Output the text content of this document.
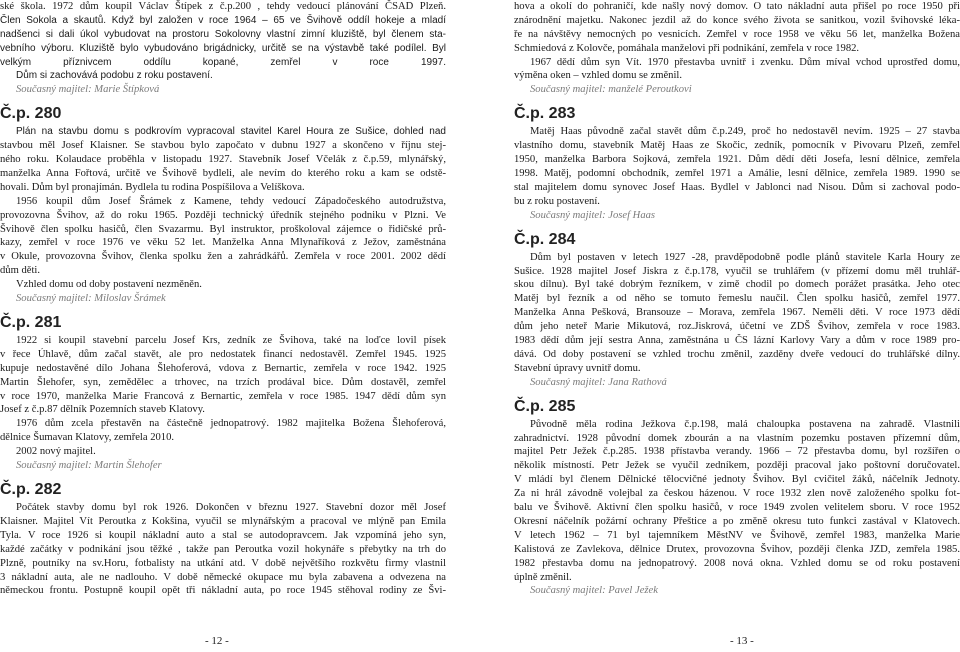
ské škola. 1972 dům koupil Václav Štípek z č.p.200 , tehdy vedoucí plánování ČSAD Plzeň.
Člen Sokola a skautů. Když byl založen v roce 1964 – 65 ve Švihově oddíl hokeje a mladí
nadšenci si dali úkol vybudovat na prostoru Sokolovny vlastní zimní kluziště, byl členem sta-
vebního výboru. Kluziště bylo vybudováno brigádnicky, určitě se na výstavbě také podílel. Byl
velkým příznivcem oddílu kopané, zemřel v roce 1997.
Dům si zachovává podobu z roku postavení.
Současný majitel: Marie Štípková
Č.p. 280
Plán na stavbu domu s podkrovím vypracoval stavitel Karel Houra ze Sušice, dohled nad
stavbou měl Josef Klaisner. Se stavbou bylo započato v dubnu 1927 a skončeno v říjnu stej-
ného roku. Kolaudace proběhla v listopadu 1927. Stavebník Josef Včelák z č.p.59, mlynářský,
manželka Anna Fořtová, určitě ve Švihově bydleli, ale nevím do kterého roku a kam se odstě-
hovali. Dům byl pronajímán. Bydlela tu rodina Pospíšilova a Velíškova.
1956 koupil dům Josef Šrámek z Kamene, tehdy vedoucí Západočeského autodružstva,
provozovna Švihov, až do roku 1965. Později technický úředník stejného podniku v Plzni. Ve
Švihově člen spolku hasičů, člen Svazarmu. Byl instruktor, proškoloval zájemce o řidičské prů-
kazy, zemřel v roce 1976 ve věku 52 let. Manželka Anna Mlynaříková z Ježov, zaměstnána
v Okule, provozovna Švihov, členka spolku žen a zahrádkářů. Zemřela v roce 2001. 2002 dědí
dům děti.
Vzhled domu od doby postavení nezměněn.
Současný majitel: Miloslav Šrámek
Č.p. 281
1922 si koupil stavební parcelu Josef Krs, zedník ze Švihova, také na loďce lovil písek
v řece Úhlavě, dům začal stavět, ale pro nedostatek financí nedostavěl. Zemřel 1945. 1925
kupuje nedostavěné dílo Johana Šlehoferová, vdova z Bernartic, zemřela v roce 1942. 1925
Martin Šlehofer, syn, zemědělec a trhovec, na trzích prodával bice. Dům dostavěl, zemřel
v roce 1970, manželka Marie Francová z Bernartic, zemřela v roce 1985. 1947 dědí dům syn
Josef z č.p.87 dělník Pozemních staveb Klatovy.
1976 dům zcela přestavěn na částečně jednopatrový. 1982 majitelka Božena Šlehoferová,
dělnice Šumavan Klatovy, zemřela 2010.
2002 nový majitel.
Současný majitel: Martin Šlehofer
Č.p. 282
Počátek stavby domu byl rok 1926. Dokončen v březnu 1927. Stavební dozor měl Josef
Klaisner. Majitel Vít Peroutka z Kokšina, vyučil se mlynářským a pracoval ve mlýně pan Emila
Tyla. V roce 1926 si koupil nákladní auto a stal se autodopravcem. Jak vzpomíná jeho syn,
každé začátky v podnikání jsou těžké , takže pan Peroutka vozil hokynáře s přebytky na trh do
Plzně, poutníky na sv.Horu, fotbalisty na utkání atd. V době největšího rozkvětu firmy vlastnil
3 nákladní auta, ale ne nadlouho. V době německé okupace mu byla zabavena a odvezena na
německou frontu. Postupně koupil opět tři nákladní auta, po roce 1945 stěhoval rodiny ze Švi-
hova a okolí do pohraničí, kde našly nový domov. O tato nákladní auta přišel po roce 1950 při
znárodnění majetku. Nakonec jezdil až do konce svého života se sanitkou, vozil švihovské léka-
ře na návštěvy nemocných po vesnicích. Zemřel v roce 1958 ve věku 56 let, manželka Božena
Schmiedová z Kolovče, pomáhala manželovi při podnikání, zemřela v roce 1982.
1967 dědí dům syn Vít. 1970 přestavba uvnitř i zvenku. Dům míval vchod uprostřed domu,
výměna oken – vzhled domu se změnil.
Současný majitel: manželé Peroutkovi
Č.p. 283
Matěj Haas původně začal stavět dům č.p.249, proč ho nedostavěl nevím. 1925 – 27 stavba
vlastního domu, stavebník Matěj Haas ze Skočic, zedník, pomocník v Pivovaru Plzeň, zemřel
1950, manželka Barbora Sojková, zemřela 1921. Dům dědí děti Josefa, lesní dělnice, zemřela
1998. Matěj, podomní obchodník, zemřel 1971 a Amálie, lesní dělnice, zemřela 1989. 1990 se
stal majitelem domu synovec Josef Haas. Bydlel v Jablonci nad Nisou. Dům si zachoval podo-
bu z roku postavení.
Současný majitel: Josef Haas
Č.p. 284
Dům byl postaven v letech 1927 -28, pravděpodobně podle plánů stavitele Karla Houry ze
Sušice. 1928 majitel Josef Jiskra z č.p.178, vyučil se truhlářem (v přízemí domu měl truhlář-
skou dílnu). Byl také dobrým řezníkem, v zimě chodil po domech porážet prasátka. Jeho otec
Matěj byl řezník a od něho se tomuto řemeslu naučil. Člen spolku hasičů, zemřel 1977.
Manželka Anna Pešková, Bransouze – Morava, zemřela 1967. Neměli děti. V roce 1973 dědí
dům jeho neteř Marie Mikutová, roz.Jiskrová, účetní ve ZDŠ Švihov, zemřela v roce 1983.
1983 dědí dům její sestra Anna, zaměstnána u ČS lázní Karlovy Vary a dům v roce 1989 pro-
dává. Od doby postavení se vzhled trochu změnil, zazděny dveře vedoucí do truhlářské dílny.
Stavební úpravy uvnitř domu.
Současný majitel: Jana Rathová
Č.p. 285
Původně měla rodina Ježkova č.p.198, malá chaloupka postavena na zahradě. Vlastnili
zahradnictví. 1928 původní domek zbourán a na vlastním pozemku postaven přízemní dům,
majitel Petr Ježek č.p.285. 1938 přístavba verandy. 1966 – 72 přestavba domu, byl rozšířen o
několik místností. Petr Ježek se vyučil zedníkem, později pracoval jako poštovní doručovatel.
V mládí byl členem Dělnické tělocvičné jednoty Švihov. Byl cvičitel žáků, náčelník Jednoty.
Za ni hrál závodně volejbal za českou házenou. V roce 1932 zlen nově založeného spolku fot-
balu ve Švihově. Aktivní člen spolku hasičů, v roce 1949 zvolen velitelem sboru. V roce 1952
Okresní náčelník požární ochrany Přeštice a po změně okresu tuto funkci zastával v Klatovech.
V letech 1962 – 71 byl tajemníkem MěstNV ve Švihově, zemřel 1983, manželka Marie
Kalistová ze Zavlekova, dělnice Drutex, provozovna Švihov, později členka JZD, zemřela 1985.
1982 přestavba domu na jednopatrový. 2008 nová okna. Vzhled domu se od roku postavení
úplně změnil.
Současný majitel: Pavel Ježek
- 12 -	- 13 -
